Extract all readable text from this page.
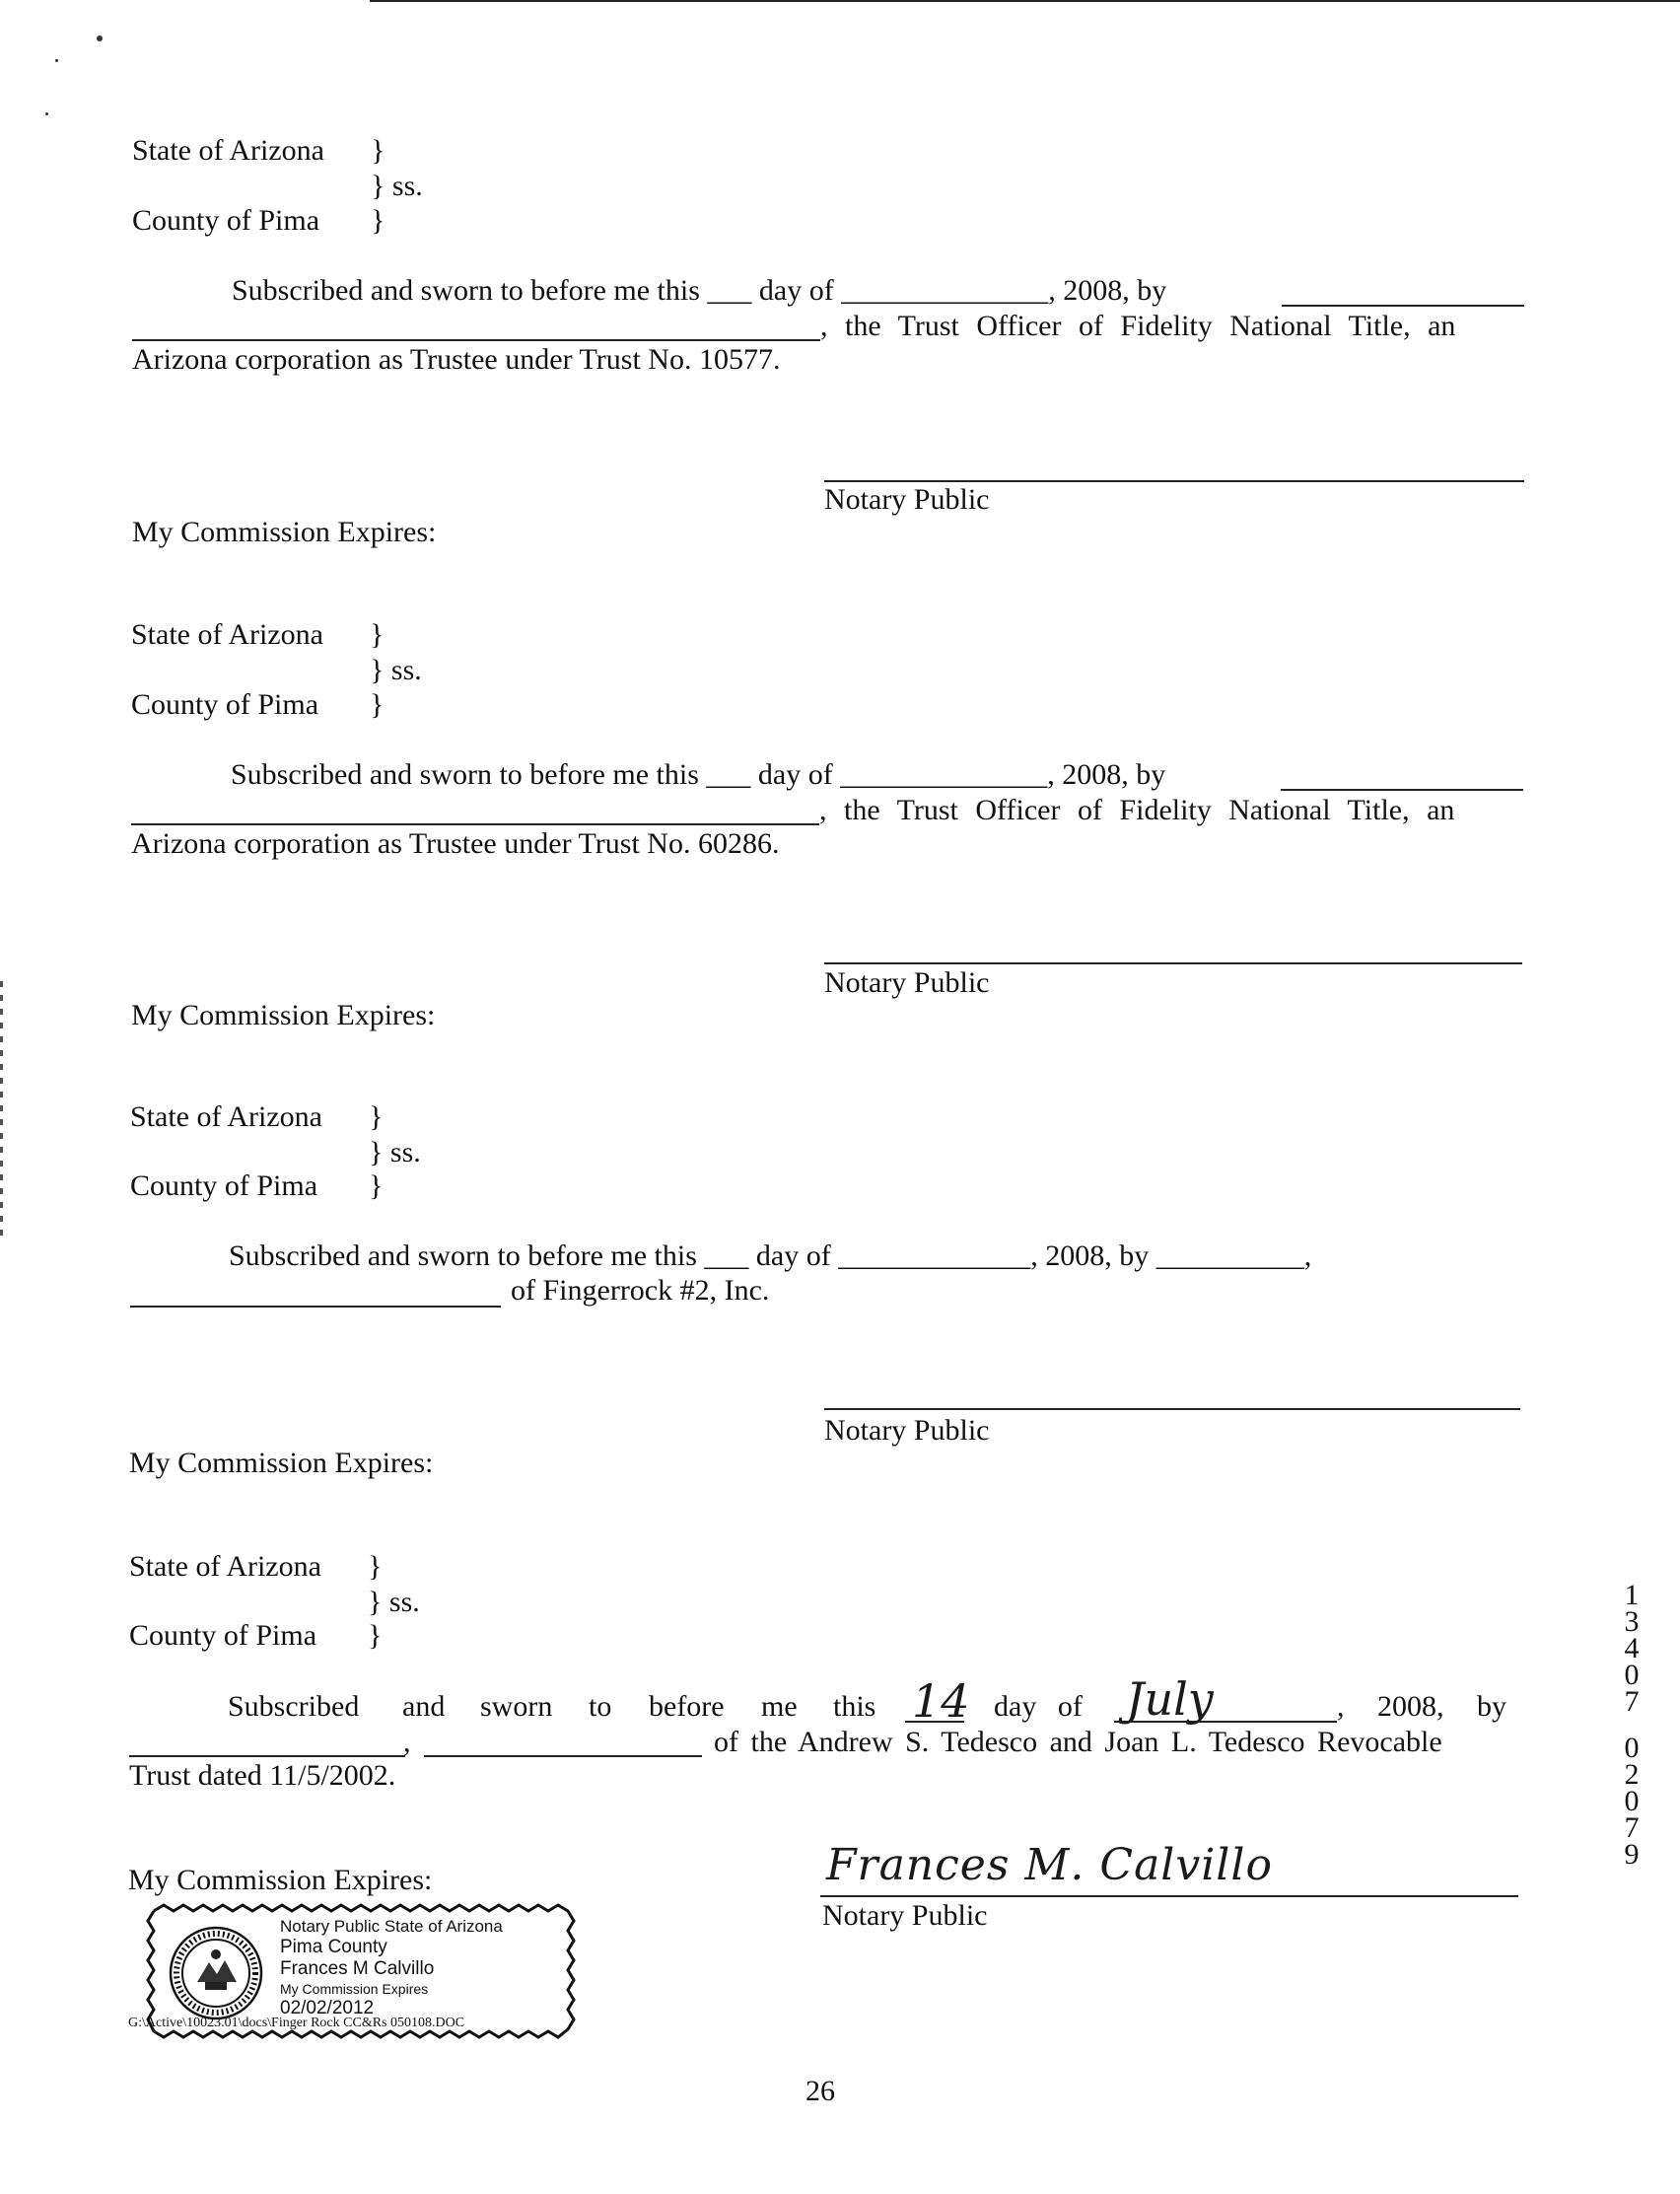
State of Arizona }
} ss.
County of Pima }
Subscribed and sworn to before me this ___ day of ______________, 2008, by
, the Trust Officer of Fidelity National Title, an
Arizona corporation as Trustee under Trust No. 10577.
Notary Public
My Commission Expires:
State of Arizona }
} ss.
County of Pima }
Subscribed and sworn to before me this ___ day of ______________, 2008, by
, the Trust Officer of Fidelity National Title, an
Arizona corporation as Trustee under Trust No. 60286.
Notary Public
My Commission Expires:
State of Arizona }
} ss.
County of Pima }
Subscribed and sworn to before me this ___ day of _____________, 2008, by __________,
of Fingerrock #2, Inc.
Notary Public
My Commission Expires:
State of Arizona }
} ss.
County of Pima }
Subscribed and sworn to before me this 14 day of July	, 2008, by
,	of the Andrew S. Tedesco and Joan L. Tedesco Revocable
Trust dated 11/5/2002.
Frances M. Calvillo
Notary Public
My Commission Expires:
Notary Public State of Arizona
Pima County
Frances M Calvillo
My Commission Expires
02/02/2012
G:\Active\10023.01\docs\Finger Rock CC&Rs 050108.DOC
26
1
3
4
0
7
0
2
0
7
9
